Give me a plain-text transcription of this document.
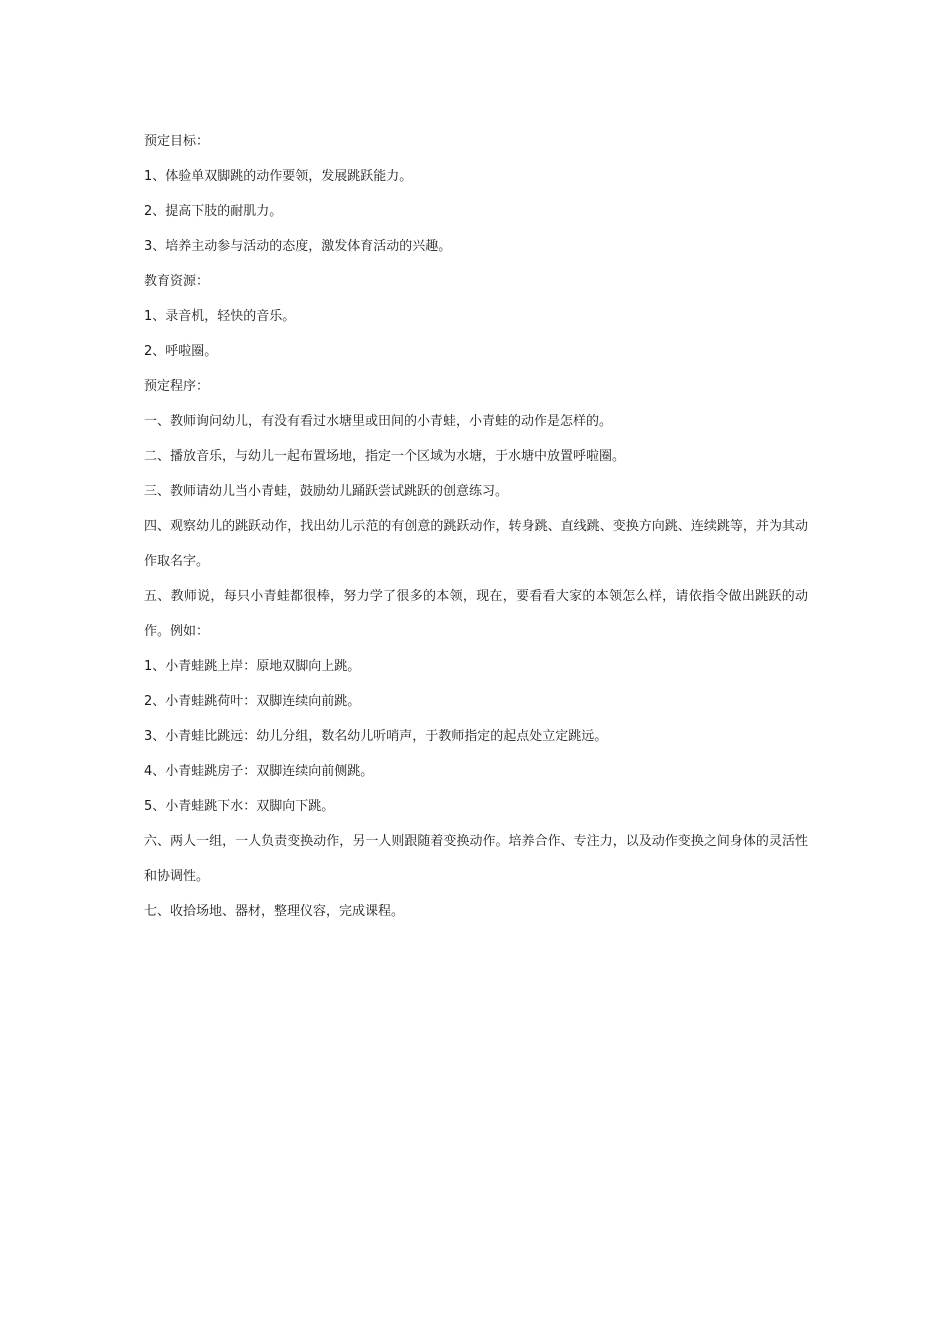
预定目标：

1、体验单双脚跳的动作要领，发展跳跃能力。

2、提高下肢的耐肌力。

3、培养主动参与活动的态度，激发体育活动的兴趣。

教育资源：

1、录音机，轻快的音乐。

2、呼啦圈。

预定程序：

一、教师询问幼儿，有没有看过水塘里或田间的小青蛙，小青蛙的动作是怎样的。

二、播放音乐，与幼儿一起布置场地，指定一个区域为水塘，于水塘中放置呼啦圈。

三、教师请幼儿当小青蛙，鼓励幼儿踊跃尝试跳跃的创意练习。

四、观察幼儿的跳跃动作，找出幼儿示范的有创意的跳跃动作，转身跳、直线跳、变换方向跳、连续跳等，并为其动作取名字。

五、教师说，每只小青蛙都很棒，努力学了很多的本领，现在，要看看大家的本领怎么样，请依指令做出跳跃的动作。例如：

1、小青蛙跳上岸：原地双脚向上跳。

2、小青蛙跳荷叶：双脚连续向前跳。

3、小青蛙比跳远：幼儿分组，数名幼儿听哨声，于教师指定的起点处立定跳远。

4、小青蛙跳房子：双脚连续向前侧跳。

5、小青蛙跳下水：双脚向下跳。

六、两人一组，一人负责变换动作，另一人则跟随着变换动作。培养合作、专注力，以及动作变换之间身体的灵活性和协调性。

七、收拾场地、器材，整理仪容，完成课程。
